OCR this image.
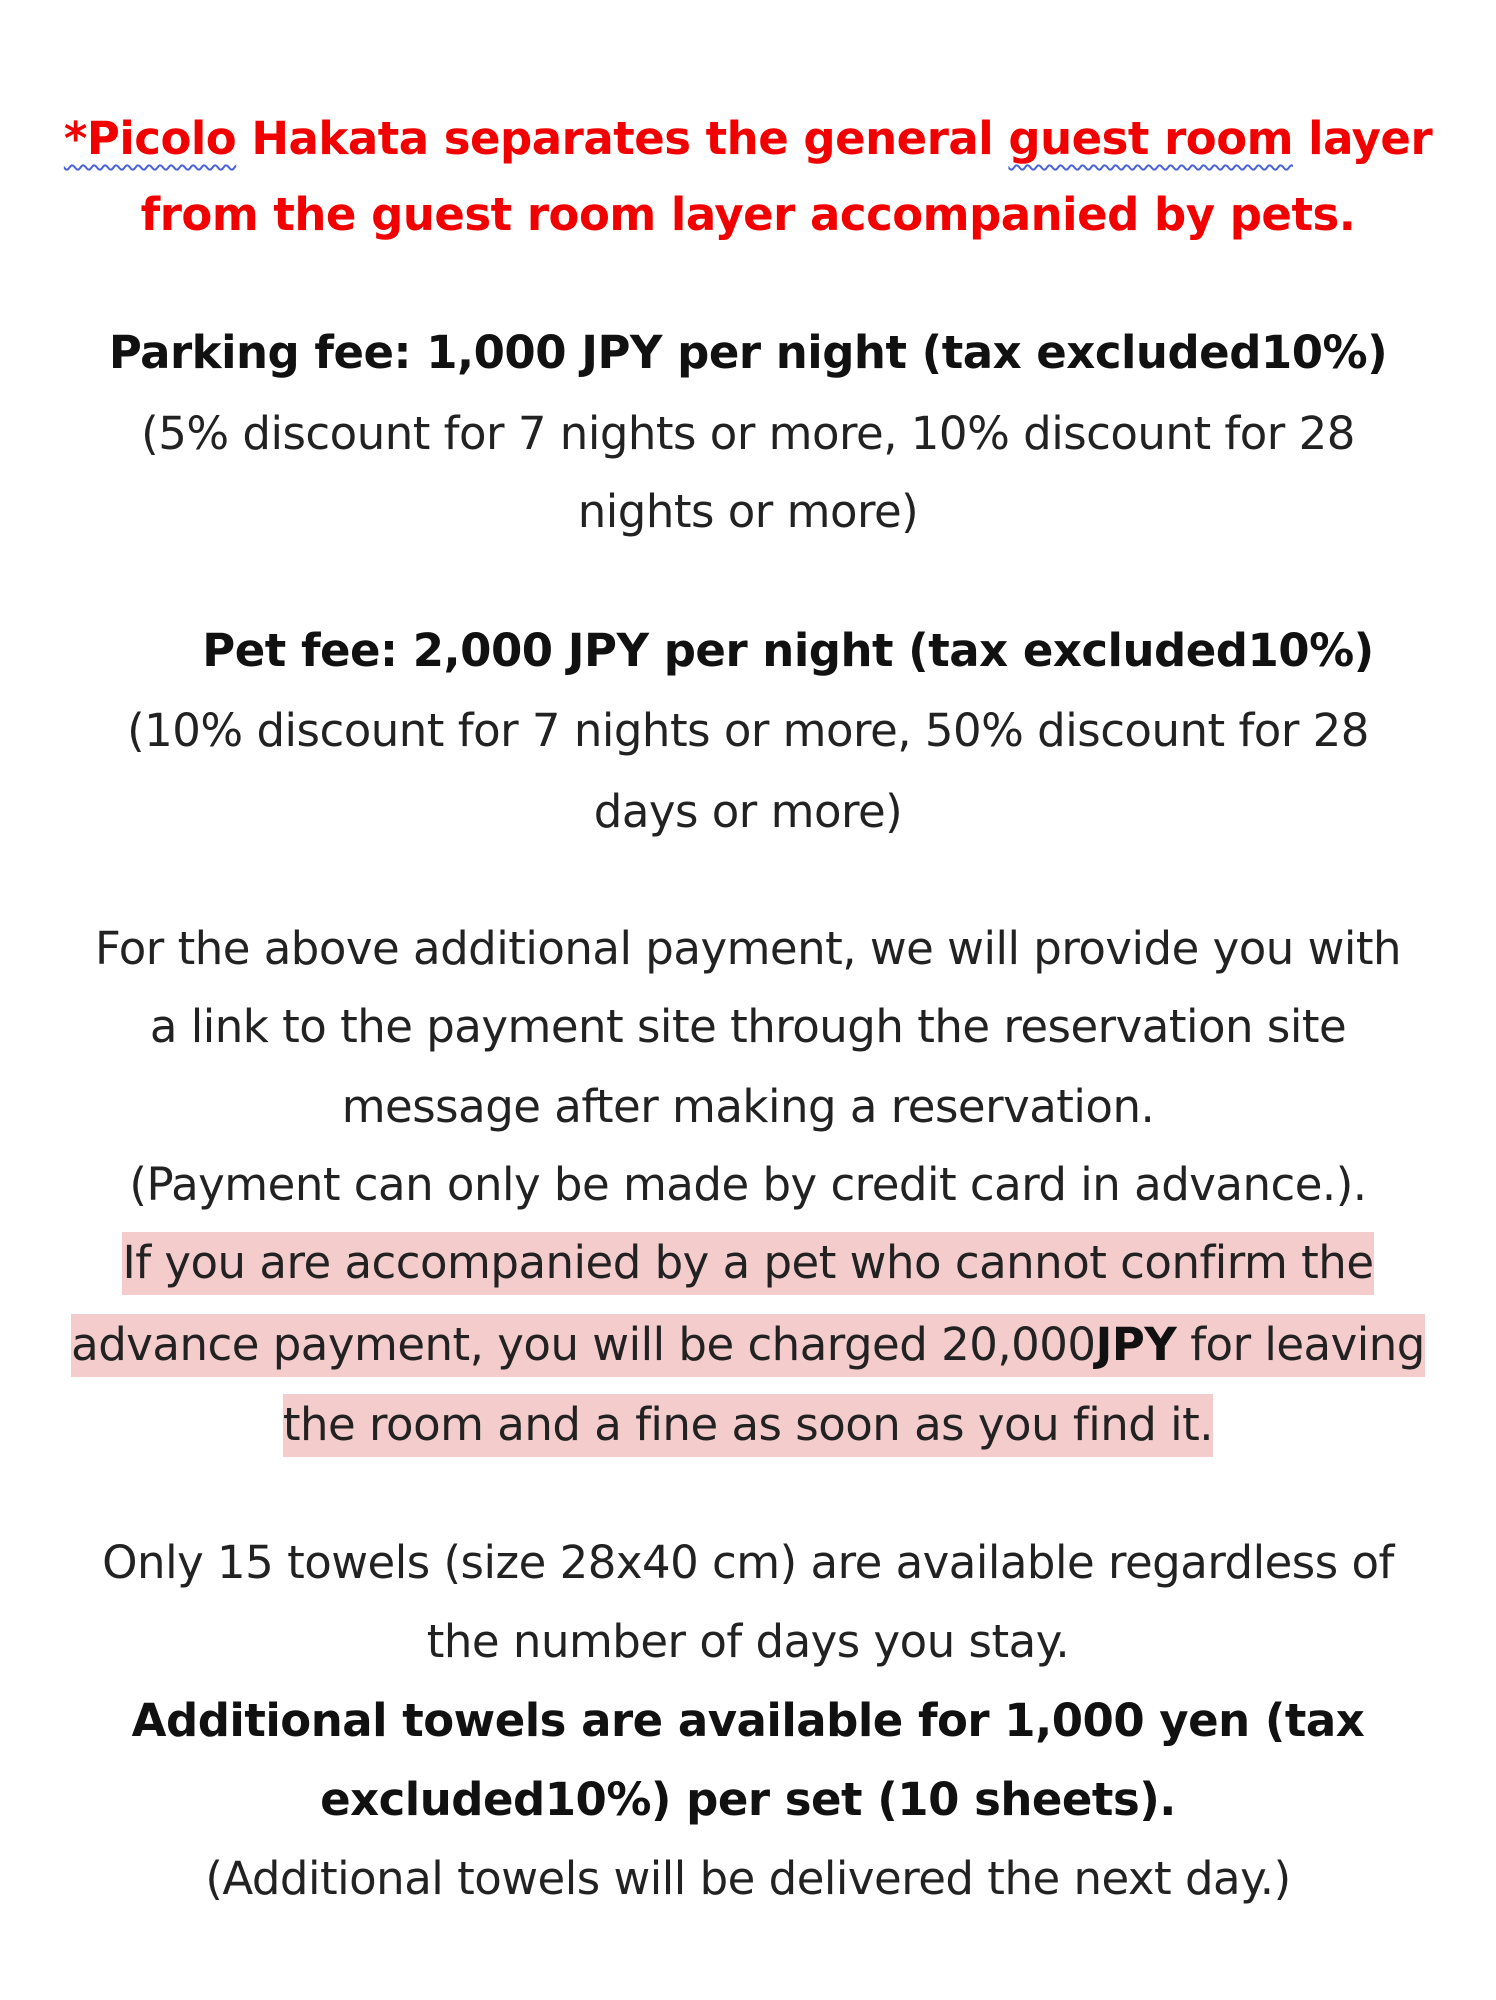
*Picolo Hakata separates the general guest room layer
from the guest room layer accompanied by pets.
Parking fee: 1,000 JPY per night (tax excluded10%)
(5% discount for 7 nights or more, 10% discount for 28
nights or more)
Pet fee: 2,000 JPY per night (tax excluded10%)
(10% discount for 7 nights or more, 50% discount for 28
days or more)
For the above additional payment, we will provide you with
a link to the payment site through the reservation site
message after making a reservation.
(Payment can only be made by credit card in advance.).
If you are accompanied by a pet who cannot confirm the
advance payment, you will be charged 20,000JPY for leaving
the room and a fine as soon as you find it.
Only 15 towels (size 28x40 cm) are available regardless of
the number of days you stay.
Additional towels are available for 1,000 yen (tax
excluded10%) per set (10 sheets).
(Additional towels will be delivered the next day.)
